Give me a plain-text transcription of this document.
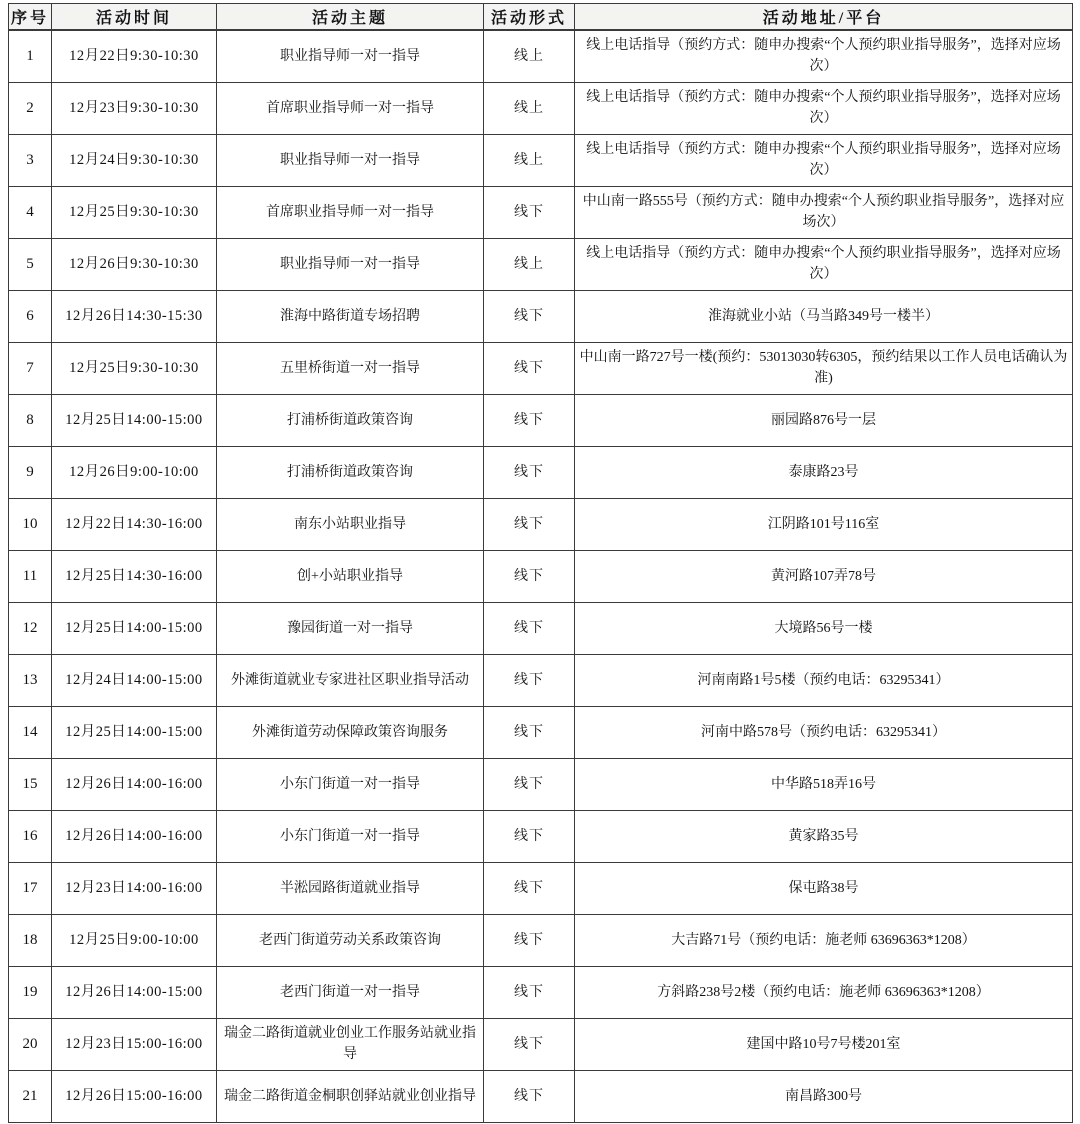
序号	活动时间	活动主题	活动形式	活动地址/平台
1	12月22日9:30-10:30	职业指导师一对一指导	线上	线上电话指导（预约方式：随申办搜索“个人预约职业指导服务”，选择对应场次）
2	12月23日9:30-10:30	首席职业指导师一对一指导	线上	线上电话指导（预约方式：随申办搜索“个人预约职业指导服务”，选择对应场次）
3	12月24日9:30-10:30	职业指导师一对一指导	线上	线上电话指导（预约方式：随申办搜索“个人预约职业指导服务”，选择对应场次）
4	12月25日9:30-10:30	首席职业指导师一对一指导	线下	中山南一路555号（预约方式：随申办搜索“个人预约职业指导服务”，选择对应场次）
5	12月26日9:30-10:30	职业指导师一对一指导	线上	线上电话指导（预约方式：随申办搜索“个人预约职业指导服务”，选择对应场次）
6	12月26日14:30-15:30	淮海中路街道专场招聘	线下	淮海就业小站（马当路349号一楼半）
7	12月25日9:30-10:30	五里桥街道一对一指导	线下	中山南一路727号一楼(预约：53013030转6305，预约结果以工作人员电话确认为准)
8	12月25日14:00-15:00	打浦桥街道政策咨询	线下	丽园路876号一层
9	12月26日9:00-10:00	打浦桥街道政策咨询	线下	泰康路23号
10	12月22日14:30-16:00	南东小站职业指导	线下	江阴路101号116室
11	12月25日14:30-16:00	创+小站职业指导	线下	黄河路107弄78号
12	12月25日14:00-15:00	豫园街道一对一指导	线下	大境路56号一楼
13	12月24日14:00-15:00	外滩街道就业专家进社区职业指导活动	线下	河南南路1号5楼（预约电话：63295341）
14	12月25日14:00-15:00	外滩街道劳动保障政策咨询服务	线下	河南中路578号（预约电话：63295341）
15	12月26日14:00-16:00	小东门街道一对一指导	线下	中华路518弄16号
16	12月26日14:00-16:00	小东门街道一对一指导	线下	黄家路35号
17	12月23日14:00-16:00	半淞园路街道就业指导	线下	保屯路38号
18	12月25日9:00-10:00	老西门街道劳动关系政策咨询	线下	大吉路71号（预约电话：施老师 63696363*1208）
19	12月26日14:00-15:00	老西门街道一对一指导	线下	方斜路238号2楼（预约电话：施老师 63696363*1208）
20	12月23日15:00-16:00	瑞金二路街道就业创业工作服务站就业指导	线下	建国中路10号7号楼201室
21	12月26日15:00-16:00	瑞金二路街道金桐职创驿站就业创业指导	线下	南昌路300号
